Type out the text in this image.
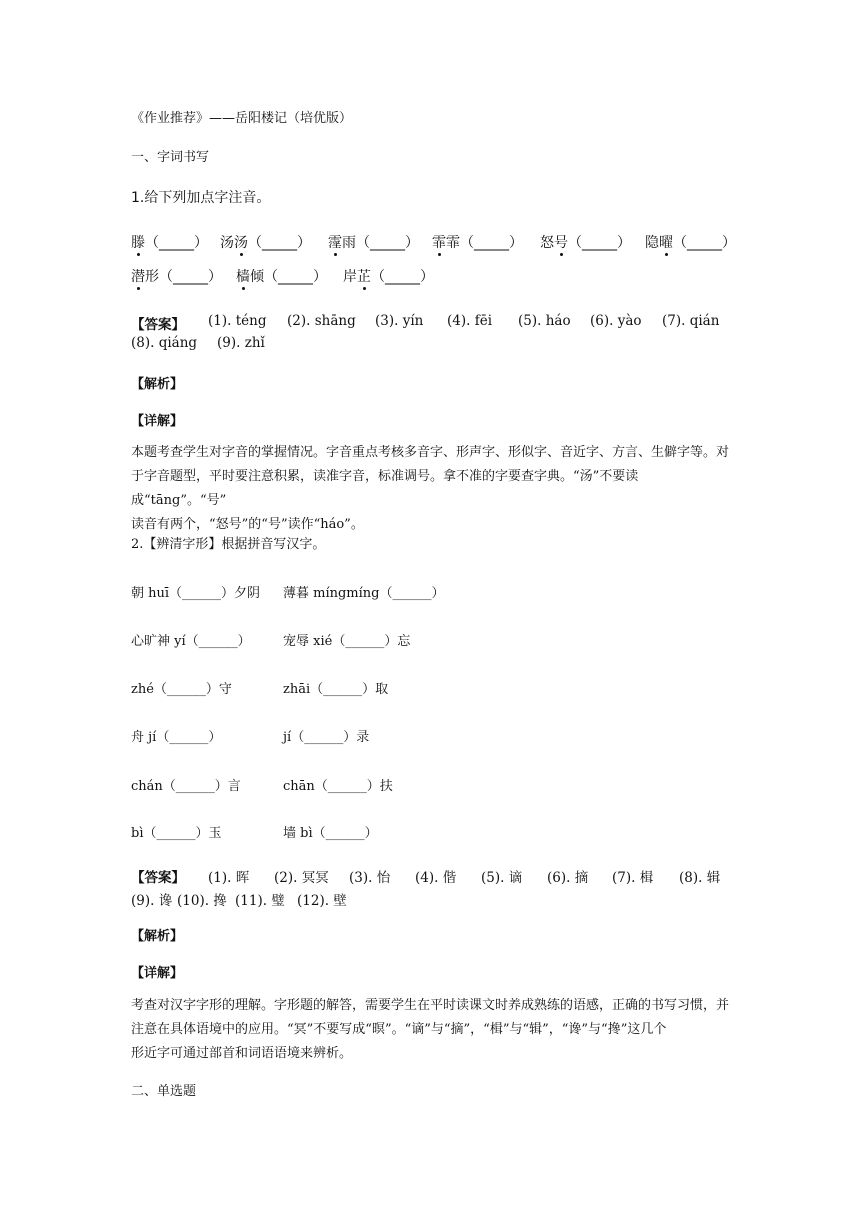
《作业推荐》——岳阳楼记（培优版）
一、字词书写
1.给下列加点字注音。
滕（_____） 汤汤（_____） 霪雨（_____） 霏霏（_____） 怒号（_____） 隐曜（_____）
潜形（_____） 樯倾（_____） 岸芷（_____）
【答案】 (1). téng (2). shāng (3). yín (4). fēi (5). háo (6). yào (7). qián
(8). qiáng (9). zhǐ
【解析】
【详解】
本题考查学生对字音的掌握情况。字音重点考核多音字、形声字、形似字、音近字、方言、生僻字等。对
于字音题型，平时要注意积累，读准字音，标准调号。拿不准的字要查字典。“汤”不要读成“tāng”。“号”
读音有两个，“怒号”的“号”读作“háo”。
2.【辨清字形】根据拼音写汉字。
朝 huī（______）夕阴 薄暮 míngmíng（______）
心旷神 yí（______） 宠辱 xié（______）忘
zhé（______）守	zhāi（______）取
舟 jí（______）	jí（______）录
chán（______）言	chān（______）扶
bì（______）玉	墙 bì（______）
【答案】 (1). 晖 (2). 冥冥 (3). 怡 (4). 偕 (5). 谪 (6). 摘 (7). 楫 (8). 辑
(9). 谗 (10). 搀 (11). 璧 (12). 壁
【解析】
【详解】
考查对汉字字形的理解。字形题的解答，需要学生在平时读课文时养成熟练的语感，正确的书写习惯，并
注意在具体语境中的应用。“冥”不要写成“暝”。“谪”与“摘”，“楫”与“辑”，“谗”与“搀”这几个
形近字可通过部首和词语语境来辨析。
二、单选题
